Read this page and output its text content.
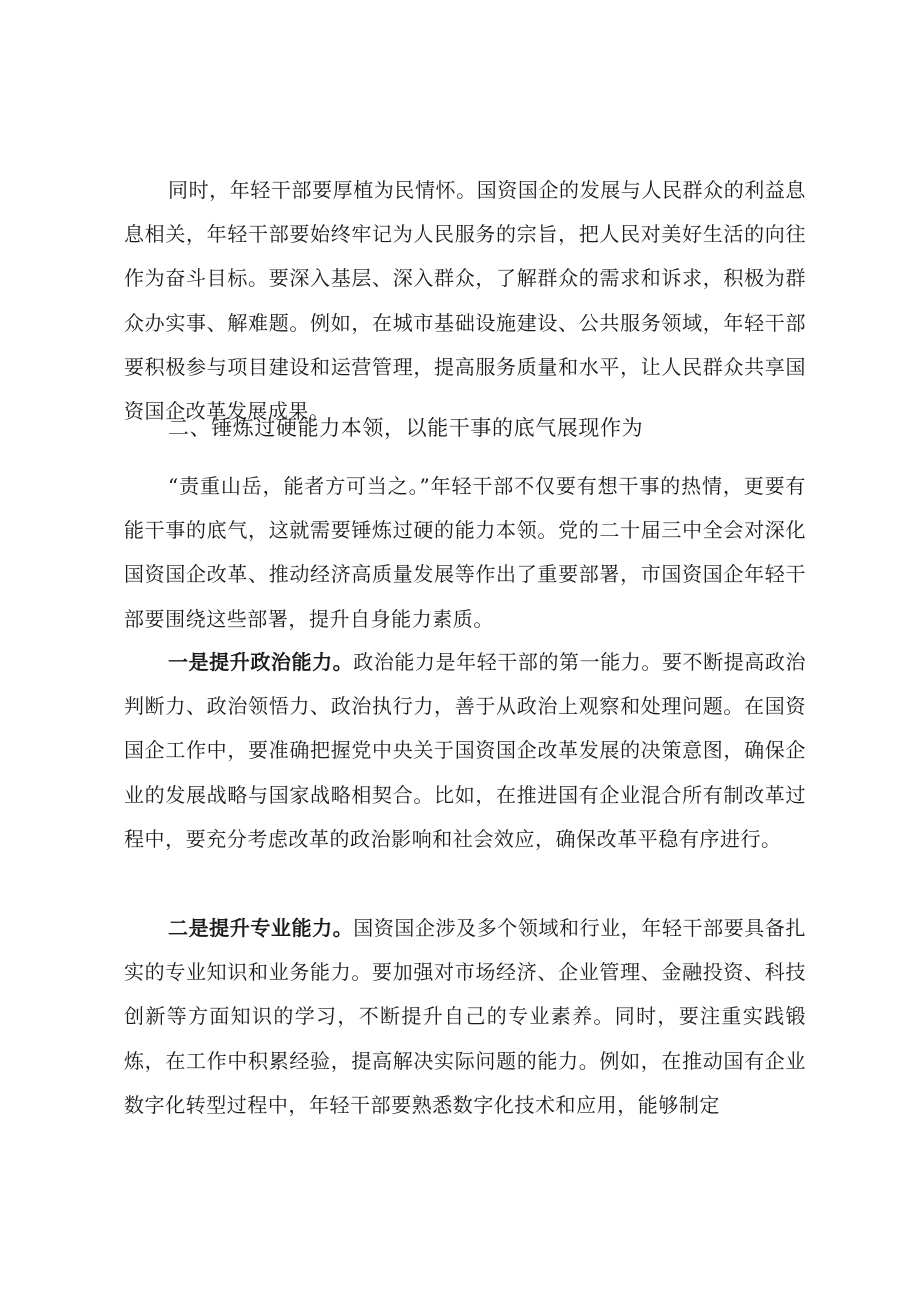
同时，年轻干部要厚植为民情怀。国资国企的发展与人民群众的利益息息相关，年轻干部要始终牢记为人民服务的宗旨，把人民对美好生活的向往作为奋斗目标。要深入基层、深入群众，了解群众的需求和诉求，积极为群众办实事、解难题。例如，在城市基础设施建设、公共服务领域，年轻干部要积极参与项目建设和运营管理，提高服务质量和水平，让人民群众共享国资国企改革发展成果。

二、锤炼过硬能力本领，以能干事的底气展现作为

“责重山岳，能者方可当之。”年轻干部不仅要有想干事的热情，更要有能干事的底气，这就需要锤炼过硬的能力本领。党的二十届三中全会对深化国资国企改革、推动经济高质量发展等作出了重要部署，市国资国企年轻干部要围绕这些部署，提升自身能力素质。

一是提升政治能力。政治能力是年轻干部的第一能力。要不断提高政治判断力、政治领悟力、政治执行力，善于从政治上观察和处理问题。在国资国企工作中，要准确把握党中央关于国资国企改革发展的决策意图，确保企业的发展战略与国家战略相契合。比如，在推进国有企业混合所有制改革过程中，要充分考虑改革的政治影响和社会效应，确保改革平稳有序进行。

二是提升专业能力。国资国企涉及多个领域和行业，年轻干部要具备扎实的专业知识和业务能力。要加强对市场经济、企业管理、金融投资、科技创新等方面知识的学习，不断提升自己的专业素养。同时，要注重实践锻炼，在工作中积累经验，提高解决实际问题的能力。例如，在推动国有企业数字化转型过程中，年轻干部要熟悉数字化技术和应用，能够制定
